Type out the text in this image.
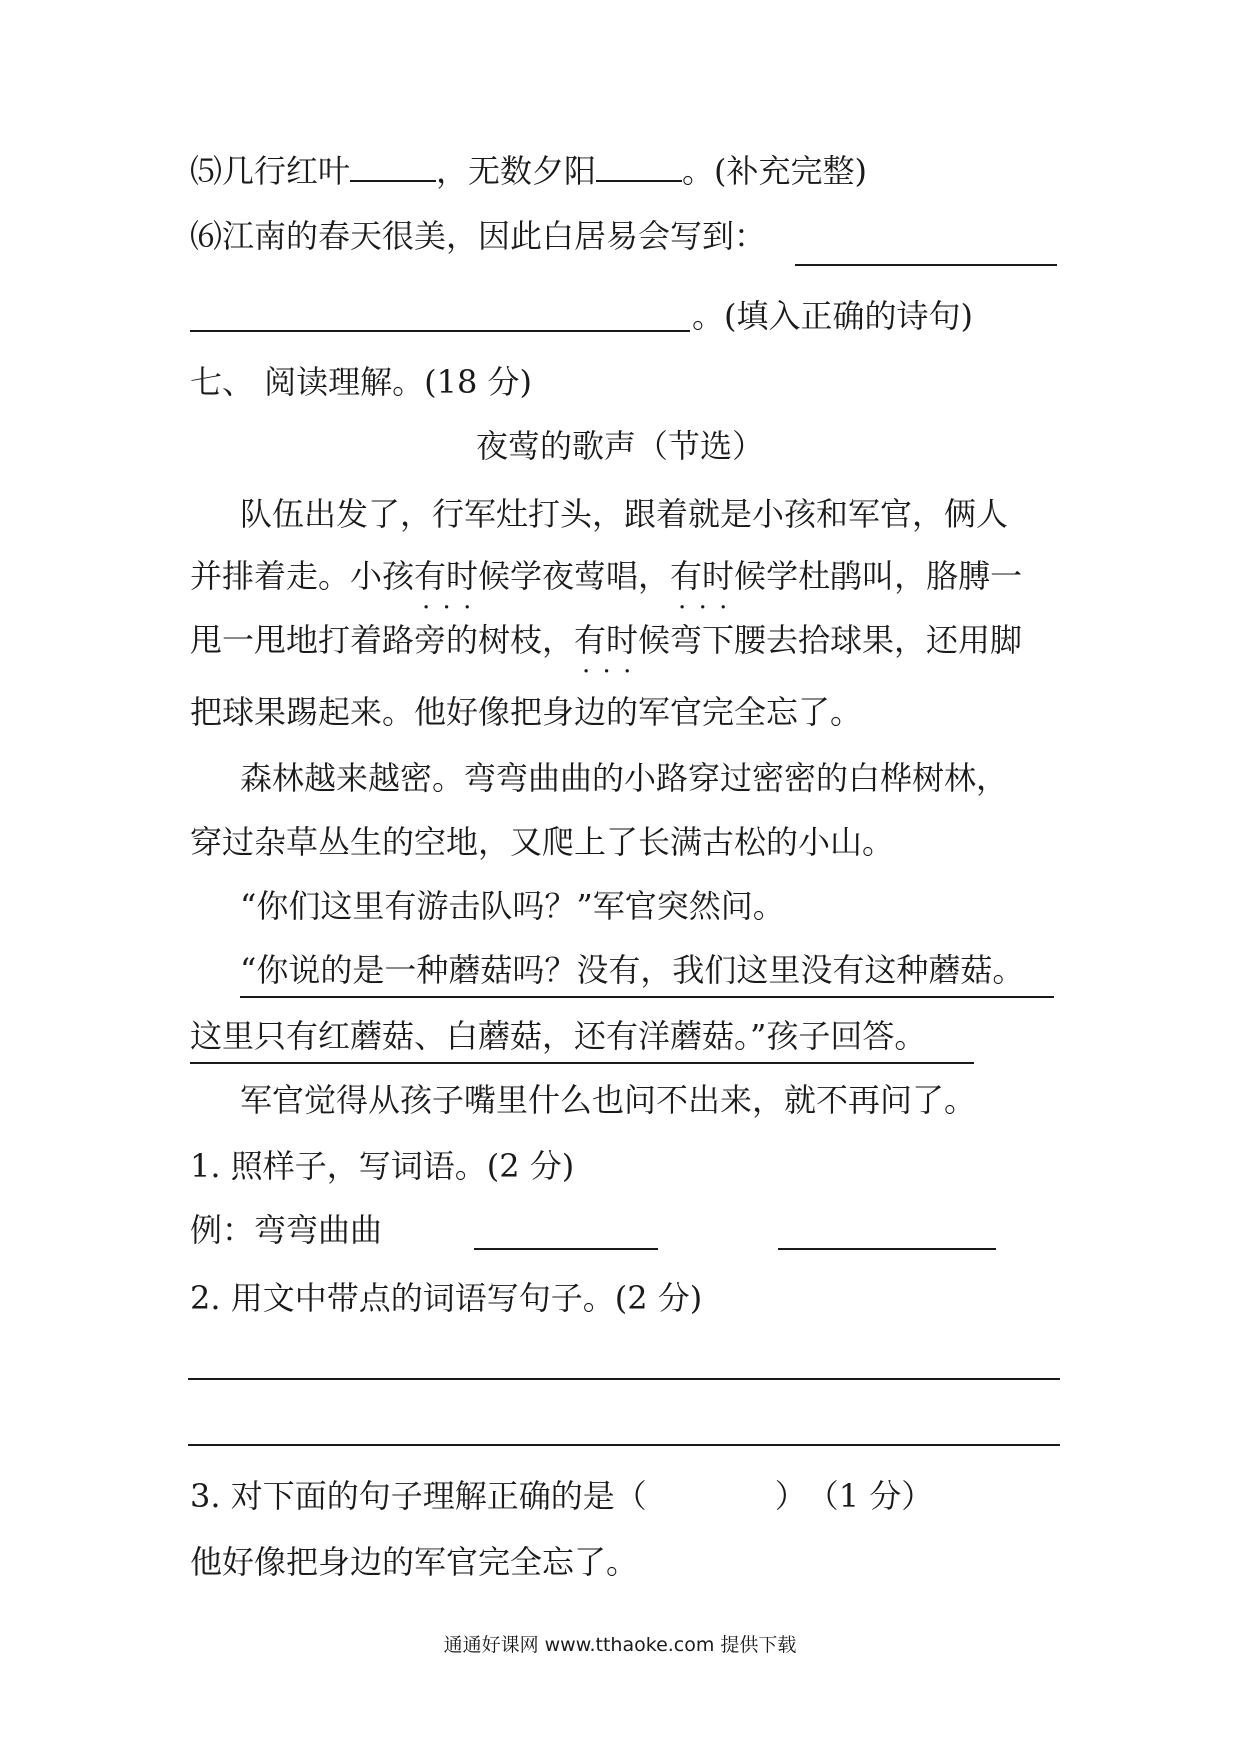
⑸几行红叶	，无数夕阳	。(补充完整)
⑹江南的春天很美，因此白居易会写到：
。(填入正确的诗句)
七、 阅读理解。(18 分)
夜莺的歌声（节选）
队伍出发了，行军灶打头，跟着就是小孩和军官，俩人
并排着走。小孩有时候 · · ·学夜莺唱，有时候 · · ·学杜鹃叫，胳膊一
甩一甩地打着路旁的树枝，有时候 · · ·弯下腰去拾球果，还用脚
把球果踢起来。他好像把身边的军官完全忘了。
森林越来越密。弯弯曲曲的小路穿过密密的白桦树林，
穿过杂草丛生的空地，又爬上了长满古松的小山。
“你们这里有游击队吗？”军官突然问。
“你说的是一种蘑菇吗？没有，我们这里没有这种蘑菇。
这里只有红蘑菇、白蘑菇，还有洋蘑菇。”孩子回答。
军官觉得从孩子嘴里什么也问不出来，就不再问了。
1. 照样子，写词语。(2 分)
例：弯弯曲曲
2. 用文中带点的词语写句子。(2 分)
3. 对下面的句子理解正确的是（　　　　）　（1 分）
他好像把身边的军官完全忘了。
通通好课网 www.tthaoke.com 提供下载
